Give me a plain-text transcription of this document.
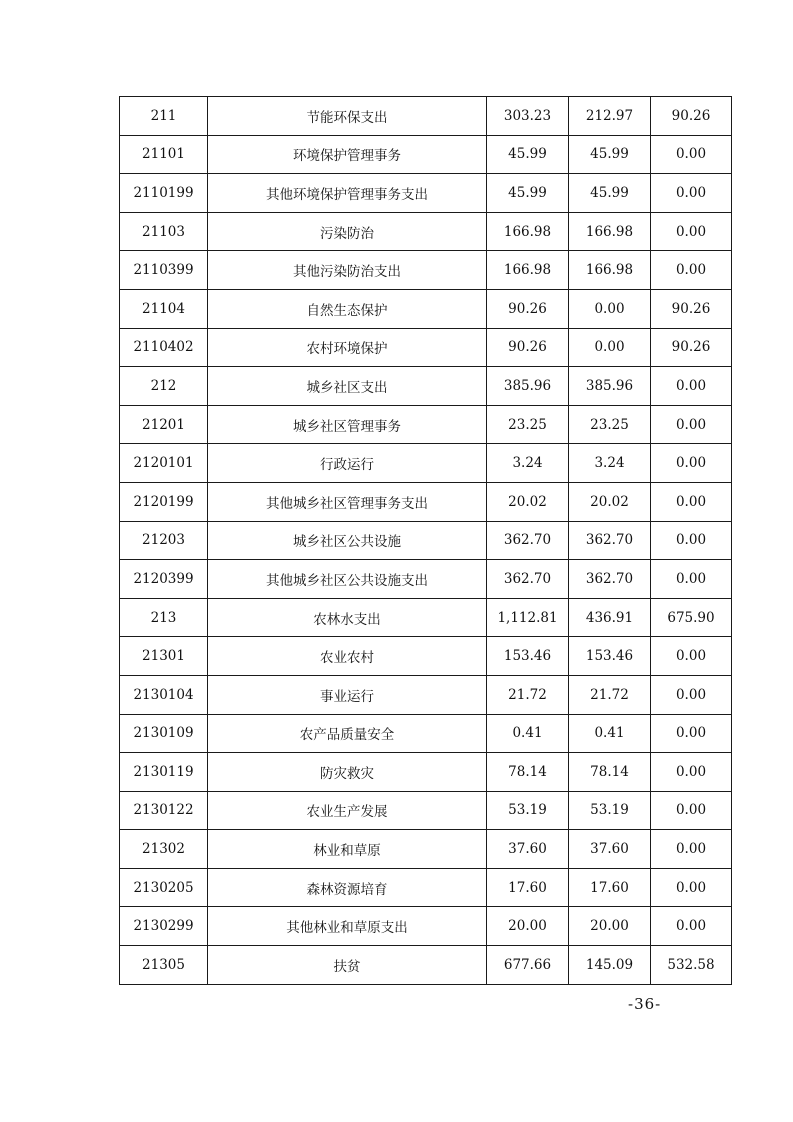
211	节能环保支出	303.23	212.97	90.26
21101	环境保护管理事务	45.99	45.99	0.00
2110199	其他环境保护管理事务支出	45.99	45.99	0.00
21103	污染防治	166.98	166.98	0.00
2110399	其他污染防治支出	166.98	166.98	0.00
21104	自然生态保护	90.26	0.00	90.26
2110402	农村环境保护	90.26	0.00	90.26
212	城乡社区支出	385.96	385.96	0.00
21201	城乡社区管理事务	23.25	23.25	0.00
2120101	行政运行	3.24	3.24	0.00
2120199	其他城乡社区管理事务支出	20.02	20.02	0.00
21203	城乡社区公共设施	362.70	362.70	0.00
2120399	其他城乡社区公共设施支出	362.70	362.70	0.00
213	农林水支出	1,112.81	436.91	675.90
21301	农业农村	153.46	153.46	0.00
2130104	事业运行	21.72	21.72	0.00
2130109	农产品质量安全	0.41	0.41	0.00
2130119	防灾救灾	78.14	78.14	0.00
2130122	农业生产发展	53.19	53.19	0.00
21302	林业和草原	37.60	37.60	0.00
2130205	森林资源培育	17.60	17.60	0.00
2130299	其他林业和草原支出	20.00	20.00	0.00
21305	扶贫	677.66	145.09	532.58
-36-
